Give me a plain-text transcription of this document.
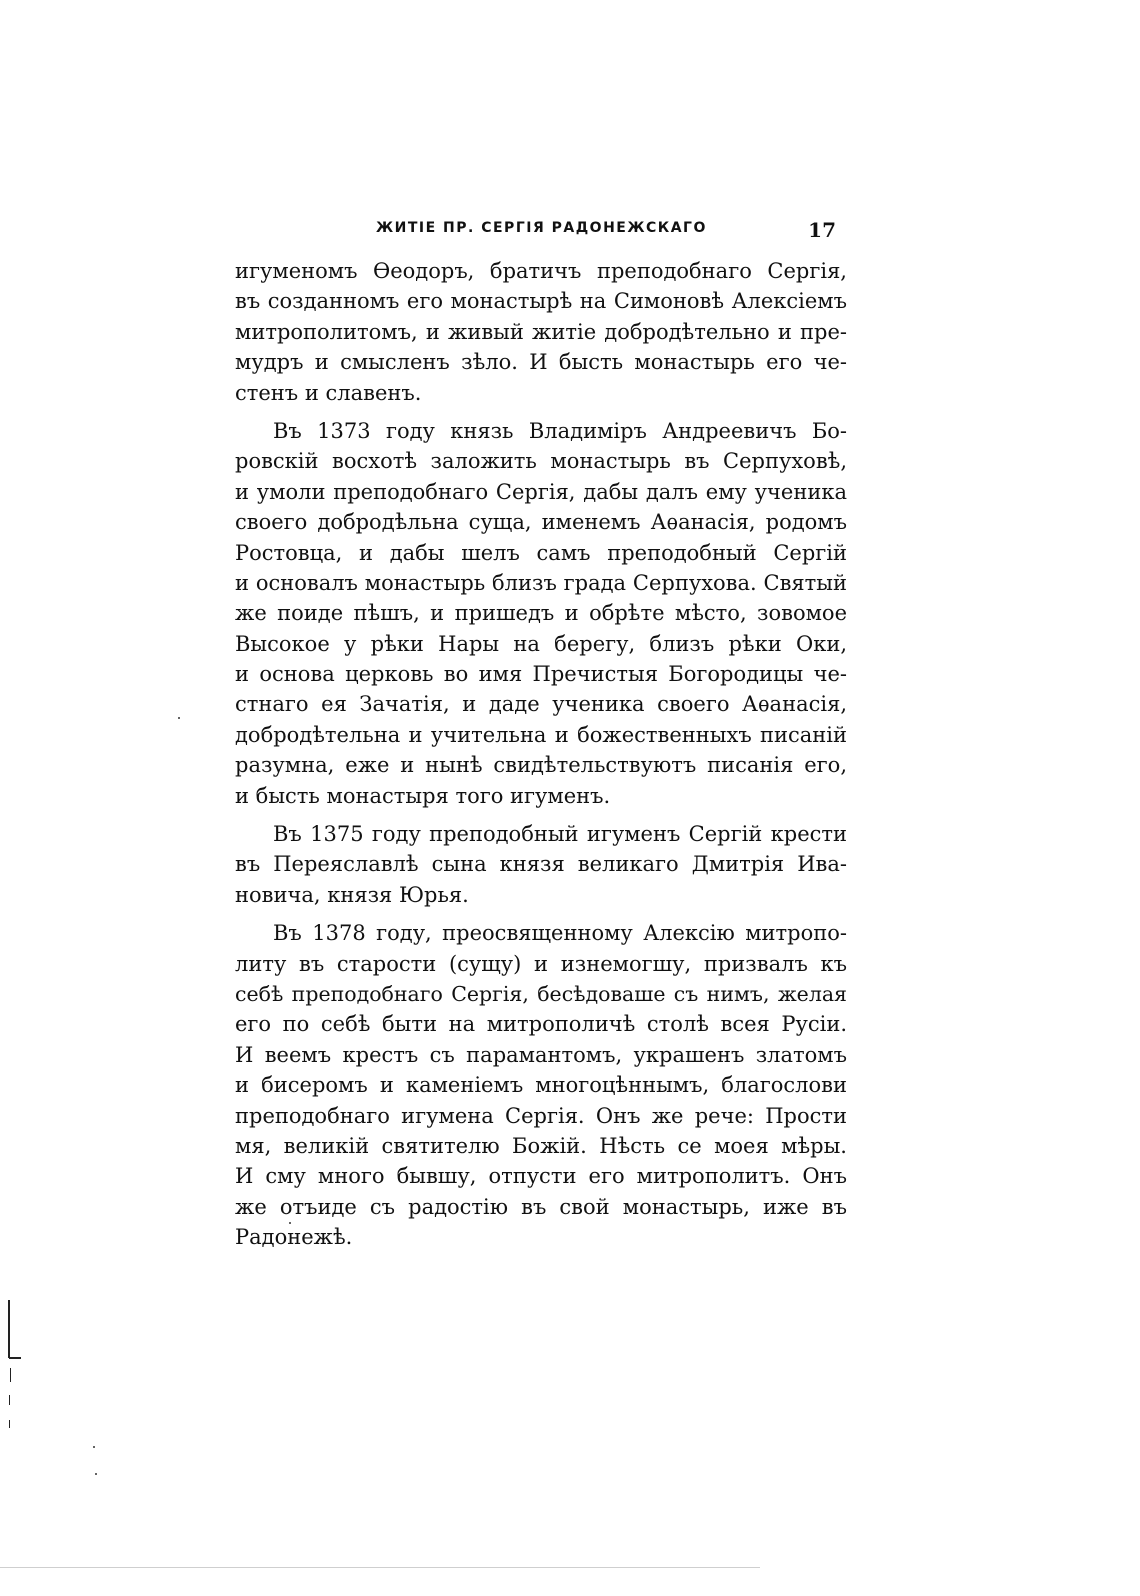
ЖИТІЕ ПР. СЕРГІЯ РАДОНЕЖСКАГО	17
игуменомъ Ѳеодоръ, братичъ преподобнаго Сергія,
въ созданномъ его монастырѣ на Симоновѣ Алексіемъ
митрополитомъ, и живый житіе добродѣтельно и пре-
мудръ и смысленъ зѣло. И бысть монастырь его че-
стенъ и славенъ.
Въ 1373 году князь Владиміръ Андреевичъ Бо-
ровскій восхотѣ заложить монастырь въ Серпуховѣ,
и умоли преподобнаго Сергія, дабы далъ ему ученика
своего добродѣльна суща, именемъ Аѳанасія, родомъ
Ростовца, и дабы шелъ самъ преподобный Сергій
и основалъ монастырь близъ града Серпухова. Святый
же поиде пѣшъ, и пришедъ и обрѣте мѣсто, зовомое
Высокое у рѣки Нары на берегу, близъ рѣки Оки,
и основа церковь во имя Пречистыя Богородицы че-
стнаго ея Зачатія, и даде ученика своего Аѳанасія,
добродѣтельна и учительна и божественныхъ писаній
разумна, еже и нынѣ свидѣтельствуютъ писанія его,
и бысть монастыря того игуменъ.
Въ 1375 году преподобный игуменъ Сергій крести
въ Переяславлѣ сына князя великаго Дмитрія Ива-
новича, князя Юрья.
Въ 1378 году, преосвященному Алексію митропо-
литу въ старости (сущу) и изнемогшу, призвалъ къ
себѣ преподобнаго Сергія, бесѣдоваше съ нимъ, желая
его по себѣ быти на митрополичѣ столѣ всея Русіи.
И веемъ крестъ съ парамантомъ, украшенъ златомъ
и бисеромъ и каменіемъ многоцѣннымъ, благослови
преподобнаго игумена Сергія. Онъ же рече: Прости
мя, великій святителю Божій. Нѣсть се моея мѣры.
И сму много бывшу, отпусти его митрополитъ. Онъ
же отъиде съ радостію въ свой монастырь, иже въ
Радонежѣ.
